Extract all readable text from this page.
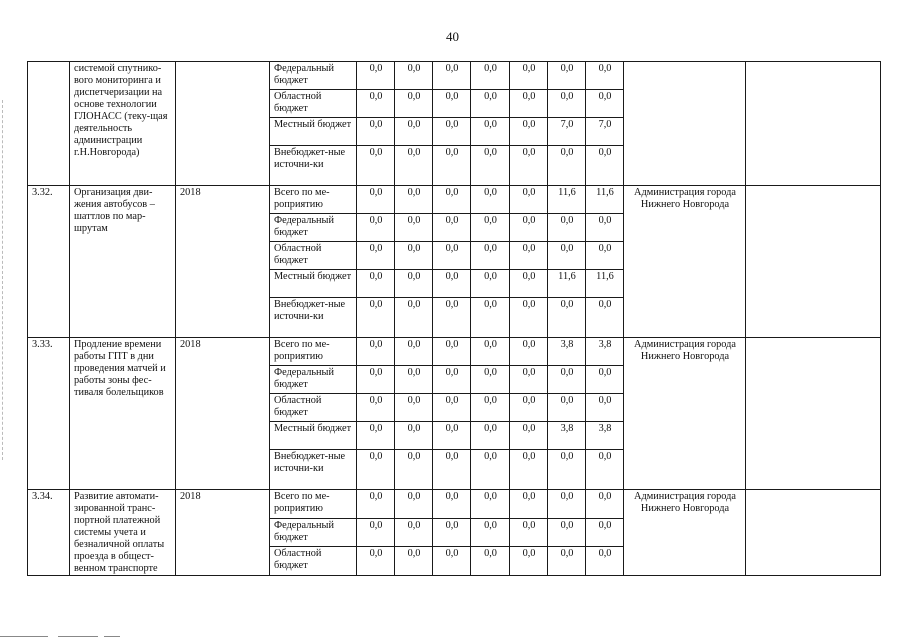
40
	системой спутнико-вого мониторинга и диспетчеризации на основе технологии ГЛОНАСС (теку-щая деятельность администрации г.Н.Новгорода)		Федеральный бюджет	0,0	0,0	0,0	0,0	0,0	0,0	0,0		
			Областной бюджет	0,0	0,0	0,0	0,0	0,0	0,0	0,0		
			Местный бюджет	0,0	0,0	0,0	0,0	0,0	7,0	7,0		
			Внебюджет-ные источни-ки	0,0	0,0	0,0	0,0	0,0	0,0	0,0		
3.32.	Организация дви-жения автобусов – шаттлов по мар-шрутам	2018	Всего по ме-роприятию	0,0	0,0	0,0	0,0	0,0	11,6	11,6	Администрация города Нижнего Новгорода	
			Федеральный бюджет	0,0	0,0	0,0	0,0	0,0	0,0	0,0		
			Областной бюджет	0,0	0,0	0,0	0,0	0,0	0,0	0,0		
			Местный бюджет	0,0	0,0	0,0	0,0	0,0	11,6	11,6		
			Внебюджет-ные источни-ки	0,0	0,0	0,0	0,0	0,0	0,0	0,0		
3.33.	Продление времени работы ГПТ в дни проведения матчей и работы зоны фес-тиваля болельщиков	2018	Всего по ме-роприятию	0,0	0,0	0,0	0,0	0,0	3,8	3,8	Администрация города Нижнего Новгорода	
			Федеральный бюджет	0,0	0,0	0,0	0,0	0,0	0,0	0,0		
			Областной бюджет	0,0	0,0	0,0	0,0	0,0	0,0	0,0		
			Местный бюджет	0,0	0,0	0,0	0,0	0,0	3,8	3,8		
			Внебюджет-ные источни-ки	0,0	0,0	0,0	0,0	0,0	0,0	0,0		
3.34.	Развитие автомати-зированной транс-портной платежной системы учета и безналичной оплаты проезда в общест-венном транспорте	2018	Всего по ме-роприятию	0,0	0,0	0,0	0,0	0,0	0,0	0,0	Администрация города Нижнего Новгорода	
			Федеральный бюджет	0,0	0,0	0,0	0,0	0,0	0,0	0,0		
			Областной бюджет	0,0	0,0	0,0	0,0	0,0	0,0	0,0		
